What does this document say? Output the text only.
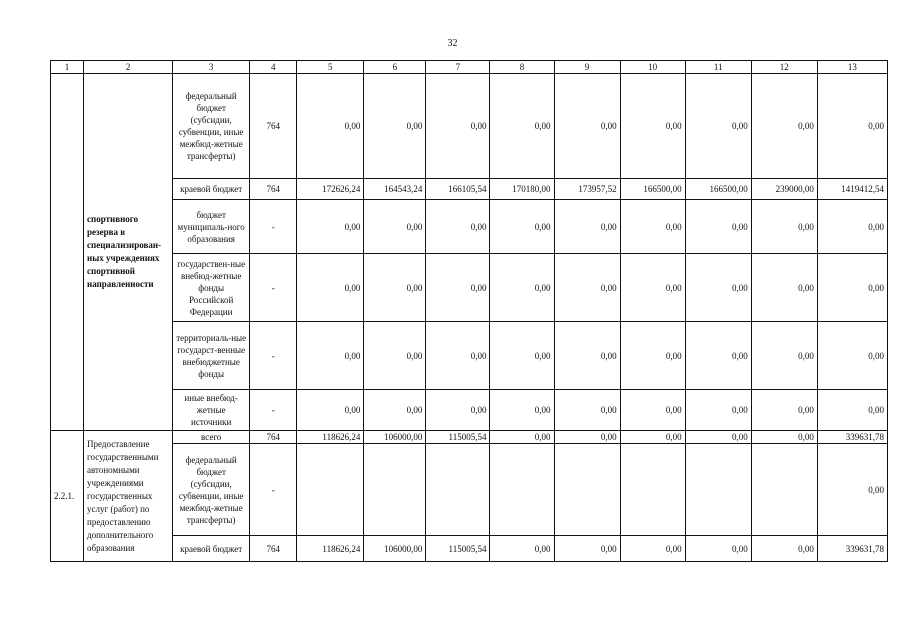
32
1	2	3	4	5	6	7	8	9	10	11	12	13
	спортивного резерва в специализирован-ных учреждениях спортивной направленности	федеральный бюджет (субсидии, субвенции, иные межбюд-жетные трансферты)	764	0,00	0,00	0,00	0,00	0,00	0,00	0,00	0,00	0,00
		краевой бюджет	764	172626,24	164543,24	166105,54	170180,00	173957,52	166500,00	166500,00	239000,00	1419412,54
		бюджет муниципаль-ного образования	-	0,00	0,00	0,00	0,00	0,00	0,00	0,00	0,00	0,00
		государствен-ные внебюд-жетные фонды Российской Федерации	-	0,00	0,00	0,00	0,00	0,00	0,00	0,00	0,00	0,00
		территориаль-ные государст-венные внебюджетные фонды	-	0,00	0,00	0,00	0,00	0,00	0,00	0,00	0,00	0,00
		иные внебюд-жетные источники	-	0,00	0,00	0,00	0,00	0,00	0,00	0,00	0,00	0,00
2.2.1.	Предоставление государственными автономными учреждениями государственных услуг (работ) по предоставлению дополнительного образования	всего	764	118626,24	106000,00	115005,54	0,00	0,00	0,00	0,00	0,00	339631,78
		федеральный бюджет (субсидии, субвенции, иные межбюд-жетные трансферты)	-									0,00
		краевой бюджет	764	118626,24	106000,00	115005,54	0,00	0,00	0,00	0,00	0,00	339631,78
